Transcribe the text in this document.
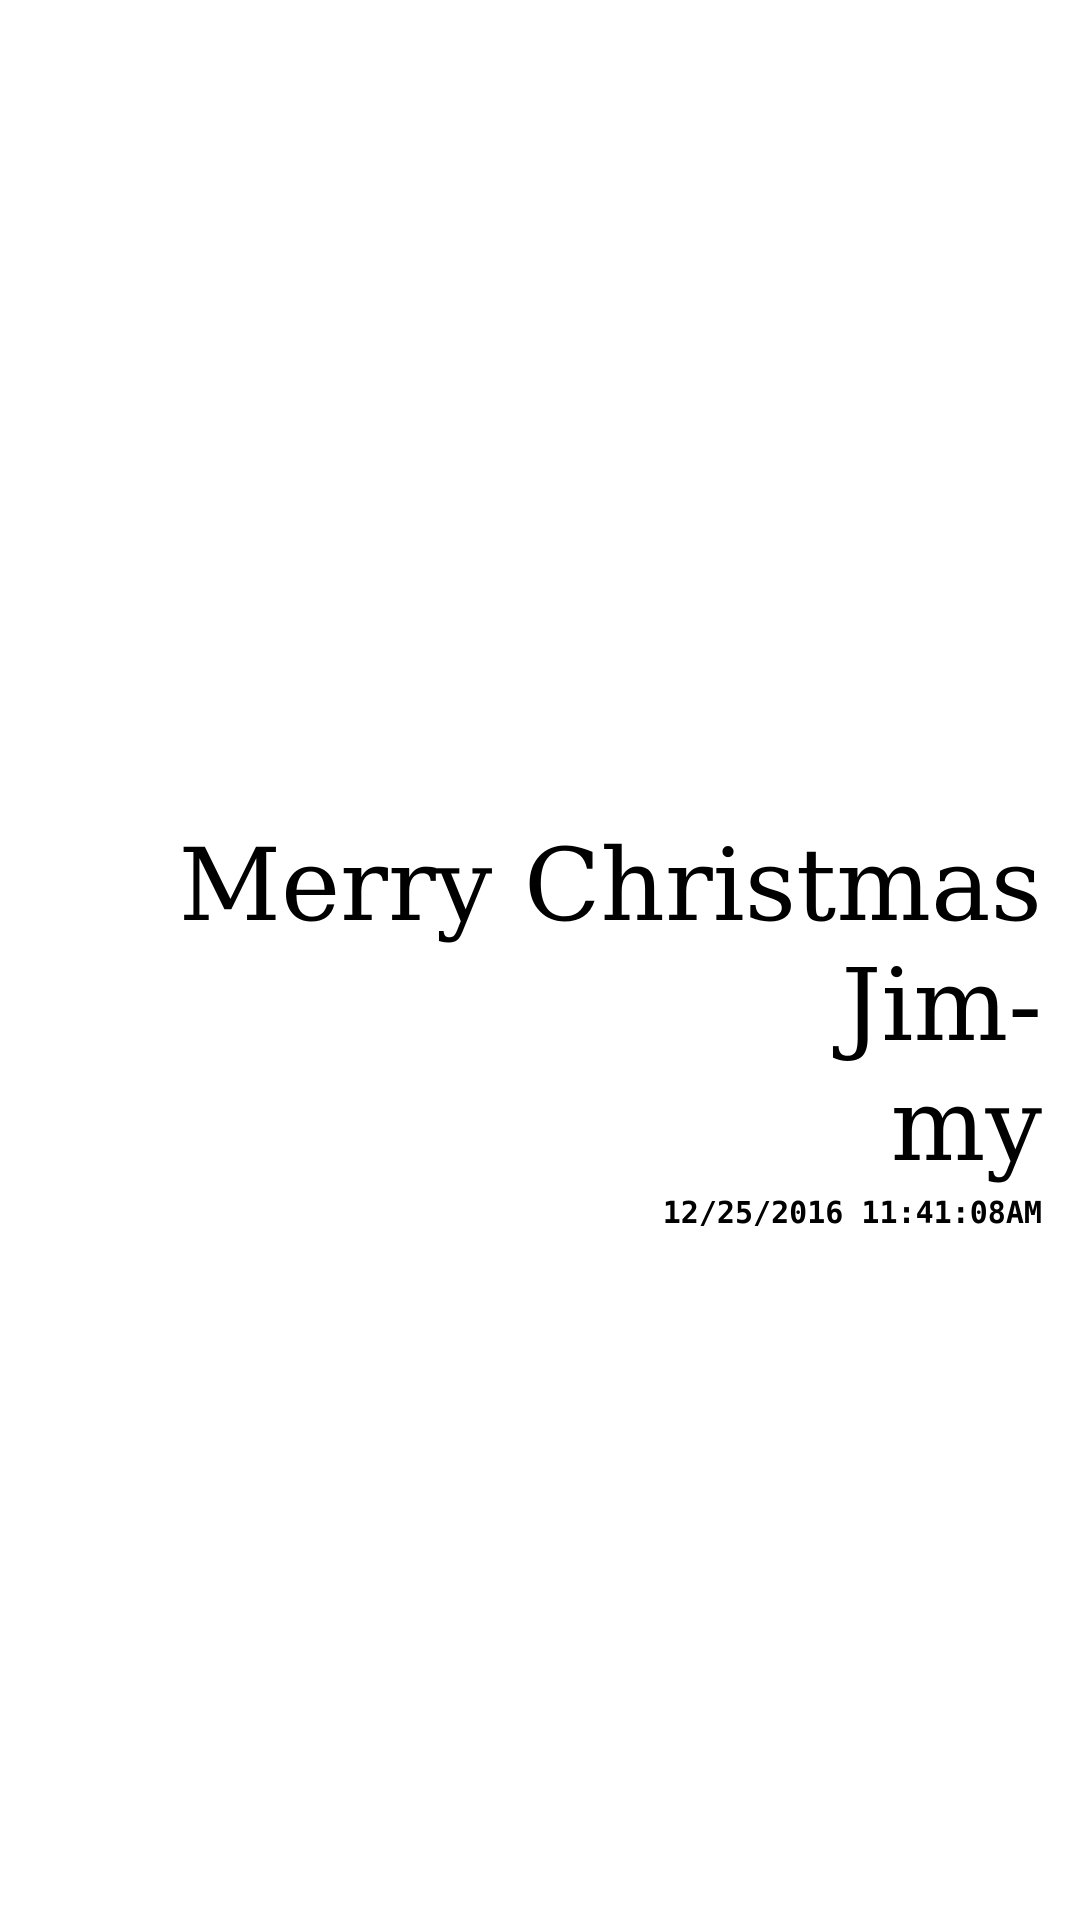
Merry Christmas Jim-
my
12/25/2016 11:41:08AM
